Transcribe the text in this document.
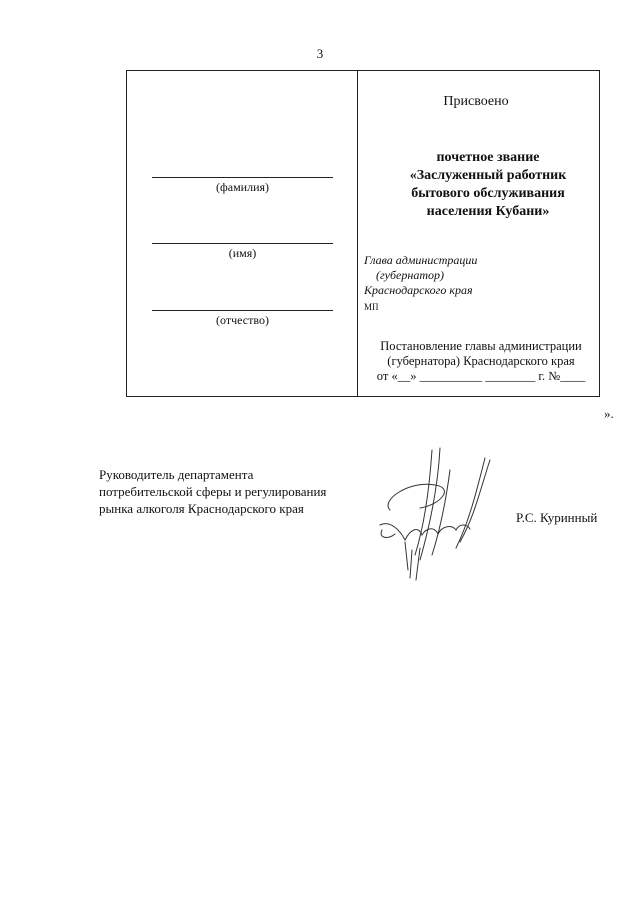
3
(фамилия)
(имя)
(отчество)
Присвоено
почетное звание
«Заслуженный работник
бытового обслуживания
населения Кубани»
Глава администрации
(губернатор)
Краснодарского края
МП
Постановление главы администрации
(губернатора) Краснодарского края
от «__» __________ ________ г. №____
».
Руководитель департамента
потребительской сферы и регулирования
рынка алкоголя Краснодарского края
Р.С. Куринный
